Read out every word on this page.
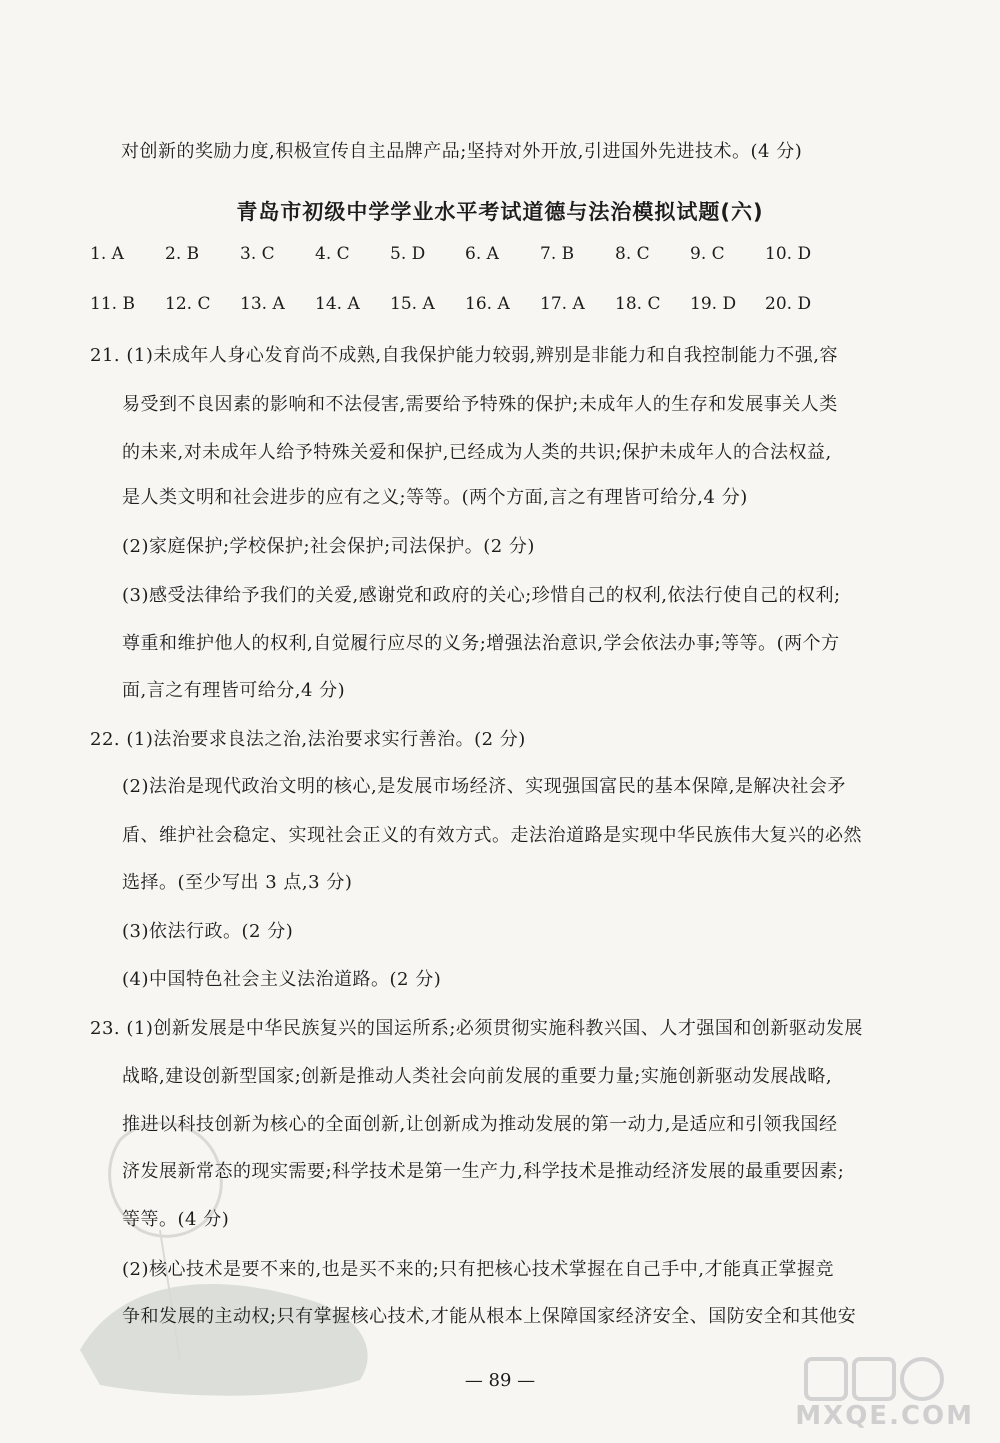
对创新的奖励力度,积极宣传自主品牌产品;坚持对外开放,引进国外先进技术。(4 分)
青岛市初级中学学业水平考试道德与法治模拟试题(六)
1. A 2. B 3. C 4. C 5. D 6. A 7. B 8. C 9. C 10. D
11. B 12. C 13. A 14. A 15. A 16. A 17. A 18. C 19. D 20. D
21. (1)未成年人身心发育尚不成熟,自我保护能力较弱,辨别是非能力和自我控制能力不强,容
易受到不良因素的影响和不法侵害,需要给予特殊的保护;未成年人的生存和发展事关人类
的未来,对未成年人给予特殊关爱和保护,已经成为人类的共识;保护未成年人的合法权益,
是人类文明和社会进步的应有之义;等等。(两个方面,言之有理皆可给分,4 分)
(2)家庭保护;学校保护;社会保护;司法保护。(2 分)
(3)感受法律给予我们的关爱,感谢党和政府的关心;珍惜自己的权利,依法行使自己的权利;
尊重和维护他人的权利,自觉履行应尽的义务;增强法治意识,学会依法办事;等等。(两个方
面,言之有理皆可给分,4 分)
22. (1)法治要求良法之治,法治要求实行善治。(2 分)
(2)法治是现代政治文明的核心,是发展市场经济、实现强国富民的基本保障,是解决社会矛
盾、维护社会稳定、实现社会正义的有效方式。走法治道路是实现中华民族伟大复兴的必然
选择。(至少写出 3 点,3 分)
(3)依法行政。(2 分)
(4)中国特色社会主义法治道路。(2 分)
23. (1)创新发展是中华民族复兴的国运所系;必须贯彻实施科教兴国、人才强国和创新驱动发展
战略,建设创新型国家;创新是推动人类社会向前发展的重要力量;实施创新驱动发展战略,
推进以科技创新为核心的全面创新,让创新成为推动发展的第一动力,是适应和引领我国经
济发展新常态的现实需要;科学技术是第一生产力,科学技术是推动经济发展的最重要因素;
等等。(4 分)
(2)核心技术是要不来的,也是买不来的;只有把核心技术掌握在自己手中,才能真正掌握竞
争和发展的主动权;只有掌握核心技术,才能从根本上保障国家经济安全、国防安全和其他安
— 89 —
MXQE.COM
